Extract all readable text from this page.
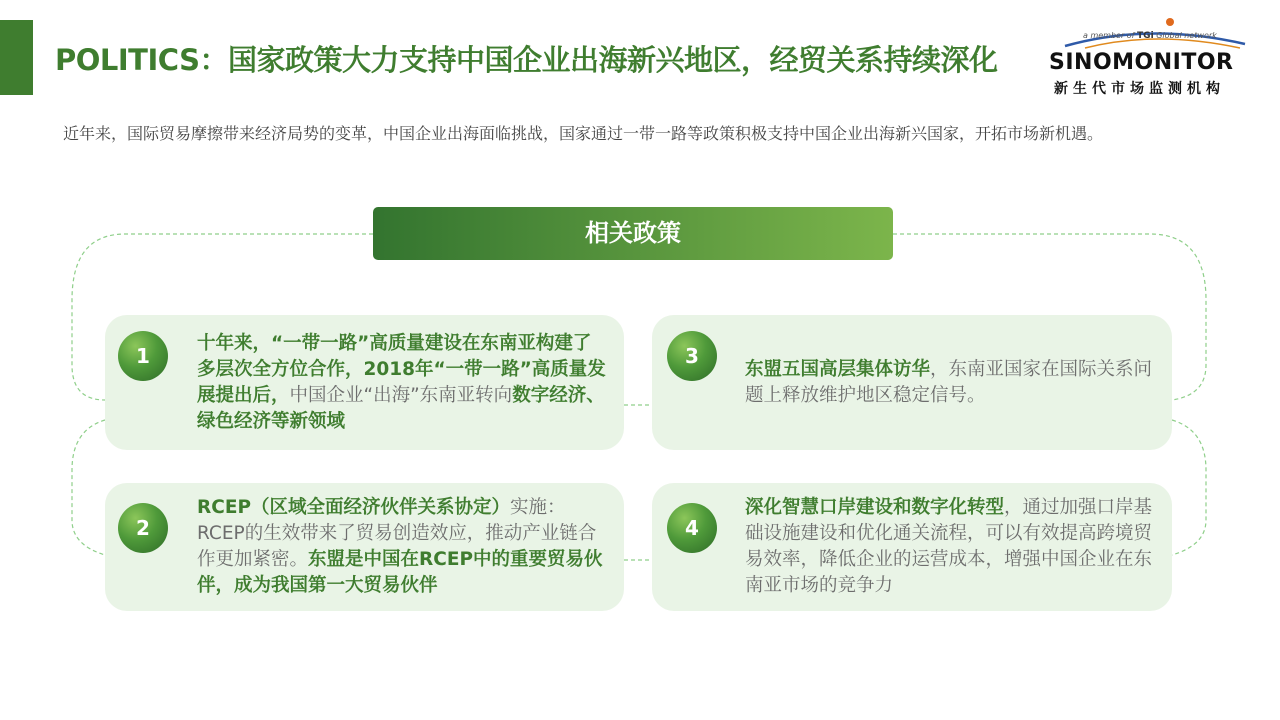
POLITICS：国家政策大力支持中国企业出海新兴地区，经贸关系持续深化
a member of TGi Global network
SINOMONITOR
新生代市场监测机构

近年来，国际贸易摩擦带来经济局势的变革，中国企业出海面临挑战，国家通过一带一路等政策积极支持中国企业出海新兴国家，开拓市场新机遇。

相关政策
1

十年来，“一带一路”高质量建设在东南亚构建了多层次全方位合作，2018年“一带一路”高质量发展提出后，中国企业“出海”东南亚转向数字经济、绿色经济等新领域

2

RCEP（区域全面经济伙伴关系协定）实施：RCEP的生效带来了贸易创造效应，推动产业链合作更加紧密。东盟是中国在RCEP中的重要贸易伙伴，成为我国第一大贸易伙伴

3

东盟五国高层集体访华，东南亚国家在国际关系问题上释放维护地区稳定信号。

4

深化智慧口岸建设和数字化转型，通过加强口岸基础设施建设和优化通关流程，可以有效提高跨境贸易效率，降低企业的运营成本，增强中国企业在东南亚市场的竞争力
